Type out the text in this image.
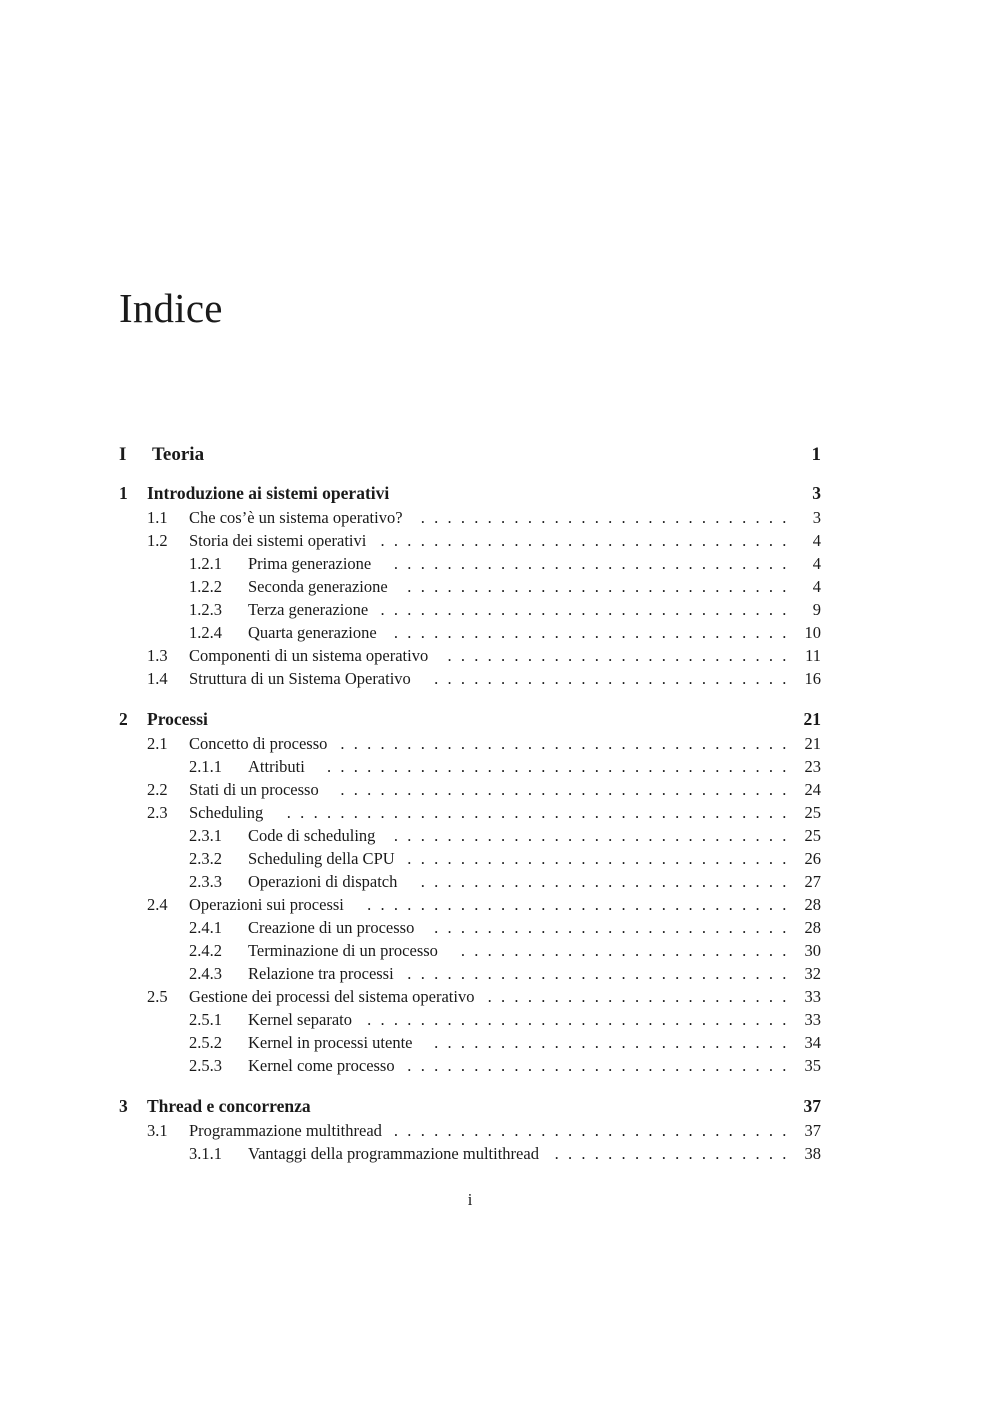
Indice
I Teoria	1
1 Introduzione ai sistemi operativi	3
1.1 Che cos’è un sistema operativo? . . . . . . . . . . . . . . . . . . . . . . . . . . . . 3
1.2 Storia dei sistemi operativi . . . . . . . . . . . . . . . . . . . . . . . . . . . . . . . 4
1.2.1 Prima generazione . . . . . . . . . . . . . . . . . . . . . . . . . . . . . . 4
1.2.2 Seconda generazione . . . . . . . . . . . . . . . . . . . . . . . . . . . . . 4
1.2.3 Terza generazione . . . . . . . . . . . . . . . . . . . . . . . . . . . . . . . 9
1.2.4 Quarta generazione . . . . . . . . . . . . . . . . . . . . . . . . . . . . . . 10
1.3 Componenti di un sistema operativo . . . . . . . . . . . . . . . . . . . . . . . . . . 11
1.4 Struttura di un Sistema Operativo . . . . . . . . . . . . . . . . . . . . . . . . . . . 16
2 Processi	21
2.1 Concetto di processo . . . . . . . . . . . . . . . . . . . . . . . . . . . . . . . . . . 21
2.1.1 Attributi	. . . . . . . . . . . . . . . . . . . . . . . . . . . . . . . . . . . 23
2.2 Stati di un processo . . . . . . . . . . . . . . . . . . . . . . . . . . . . . . . . . . 24
2.3 Scheduling	. . . . . . . . . . . . . . . . . . . . . . . . . . . . . . . . . . . . . . 25
2.3.1 Code di scheduling . . . . . . . . . . . . . . . . . . . . . . . . . . . . . . 25
2.3.2 Scheduling della CPU . . . . . . . . . . . . . . . . . . . . . . . . . . . . . 26
2.3.3 Operazioni di dispatch . . . . . . . . . . . . . . . . . . . . . . . . . . . . 27
2.4 Operazioni sui processi . . . . . . . . . . . . . . . . . . . . . . . . . . . . . . . . 28
2.4.1 Creazione di un processo . . . . . . . . . . . . . . . . . . . . . . . . . . . 28
2.4.2 Terminazione di un processo . . . . . . . . . . . . . . . . . . . . . . . . . 30
2.4.3 Relazione tra processi . . . . . . . . . . . . . . . . . . . . . . . . . . . . . 32
2.5 Gestione dei processi del sistema operativo . . . . . . . . . . . . . . . . . . . . . . . 33
2.5.1 Kernel separato . . . . . . . . . . . . . . . . . . . . . . . . . . . . . . . . 33
2.5.2 Kernel in processi utente . . . . . . . . . . . . . . . . . . . . . . . . . . . 34
2.5.3 Kernel come processo . . . . . . . . . . . . . . . . . . . . . . . . . . . . . 35
3 Thread e concorrenza	37
3.1 Programmazione multithread . . . . . . . . . . . . . . . . . . . . . . . . . . . . . . 37
3.1.1 Vantaggi della programmazione multithread . . . . . . . . . . . . . . . . . . 38
i
